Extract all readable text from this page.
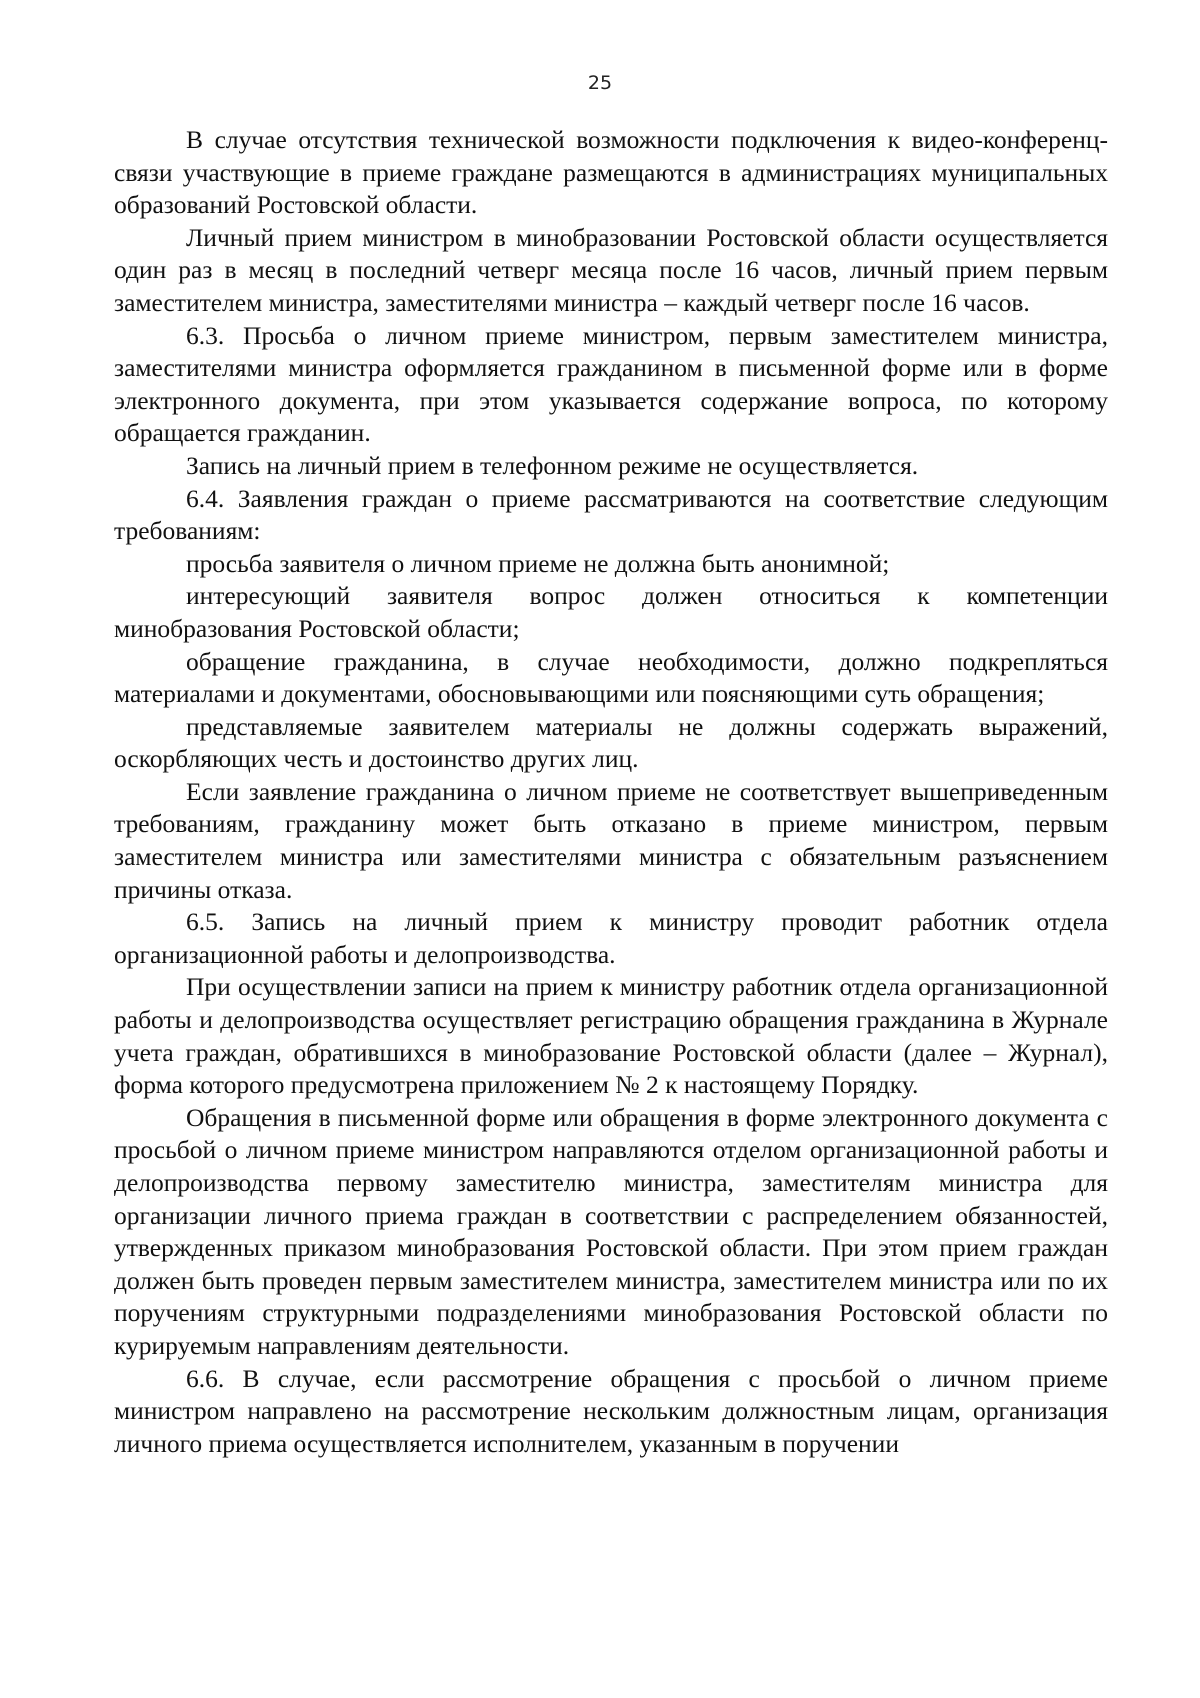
25

В случае отсутствия технической возможности подключения к видео-конференц-связи участвующие в приеме граждане размещаются в администрациях муниципальных образований Ростовской области.

Личный прием министром в минобразовании Ростовской области осуществляется один раз в месяц в последний четверг месяца после 16 часов, личный прием первым заместителем министра, заместителями министра – каждый четверг после 16 часов.

6.3. Просьба о личном приеме министром, первым заместителем министра, заместителями министра оформляется гражданином в письменной форме или в форме электронного документа, при этом указывается содержание вопроса, по которому обращается гражданин.

Запись на личный прием в телефонном режиме не осуществляется.

6.4. Заявления граждан о приеме рассматриваются на соответствие следующим требованиям:

просьба заявителя о личном приеме не должна быть анонимной;

интересующий заявителя вопрос должен относиться к компетенции минобразования Ростовской области;

обращение гражданина, в случае необходимости, должно подкрепляться материалами и документами, обосновывающими или поясняющими суть обращения;

представляемые заявителем материалы не должны содержать выражений, оскорбляющих честь и достоинство других лиц.

Если заявление гражданина о личном приеме не соответствует вышеприведенным требованиям, гражданину может быть отказано в приеме министром, первым заместителем министра или заместителями министра с обязательным разъяснением причины отказа.

6.5. Запись на личный прием к министру проводит работник отдела организационной работы и делопроизводства.

При осуществлении записи на прием к министру работник отдела организационной работы и делопроизводства осуществляет регистрацию обращения гражданина в Журнале учета граждан, обратившихся в минобразование Ростовской области (далее – Журнал), форма которого предусмотрена приложением № 2 к настоящему Порядку.

Обращения в письменной форме или обращения в форме электронного документа с просьбой о личном приеме министром направляются отделом организационной работы и делопроизводства первому заместителю министра, заместителям министра для организации личного приема граждан в соответствии с распределением обязанностей, утвержденных приказом минобразования Ростовской области. При этом прием граждан должен быть проведен первым заместителем министра, заместителем министра или по их поручениям структурными подразделениями минобразования Ростовской области по курируемым направлениям деятельности.

6.6. В случае, если рассмотрение обращения с просьбой о личном приеме министром направлено на рассмотрение нескольким должностным лицам, организация личного приема осуществляется исполнителем, указанным в поручении
